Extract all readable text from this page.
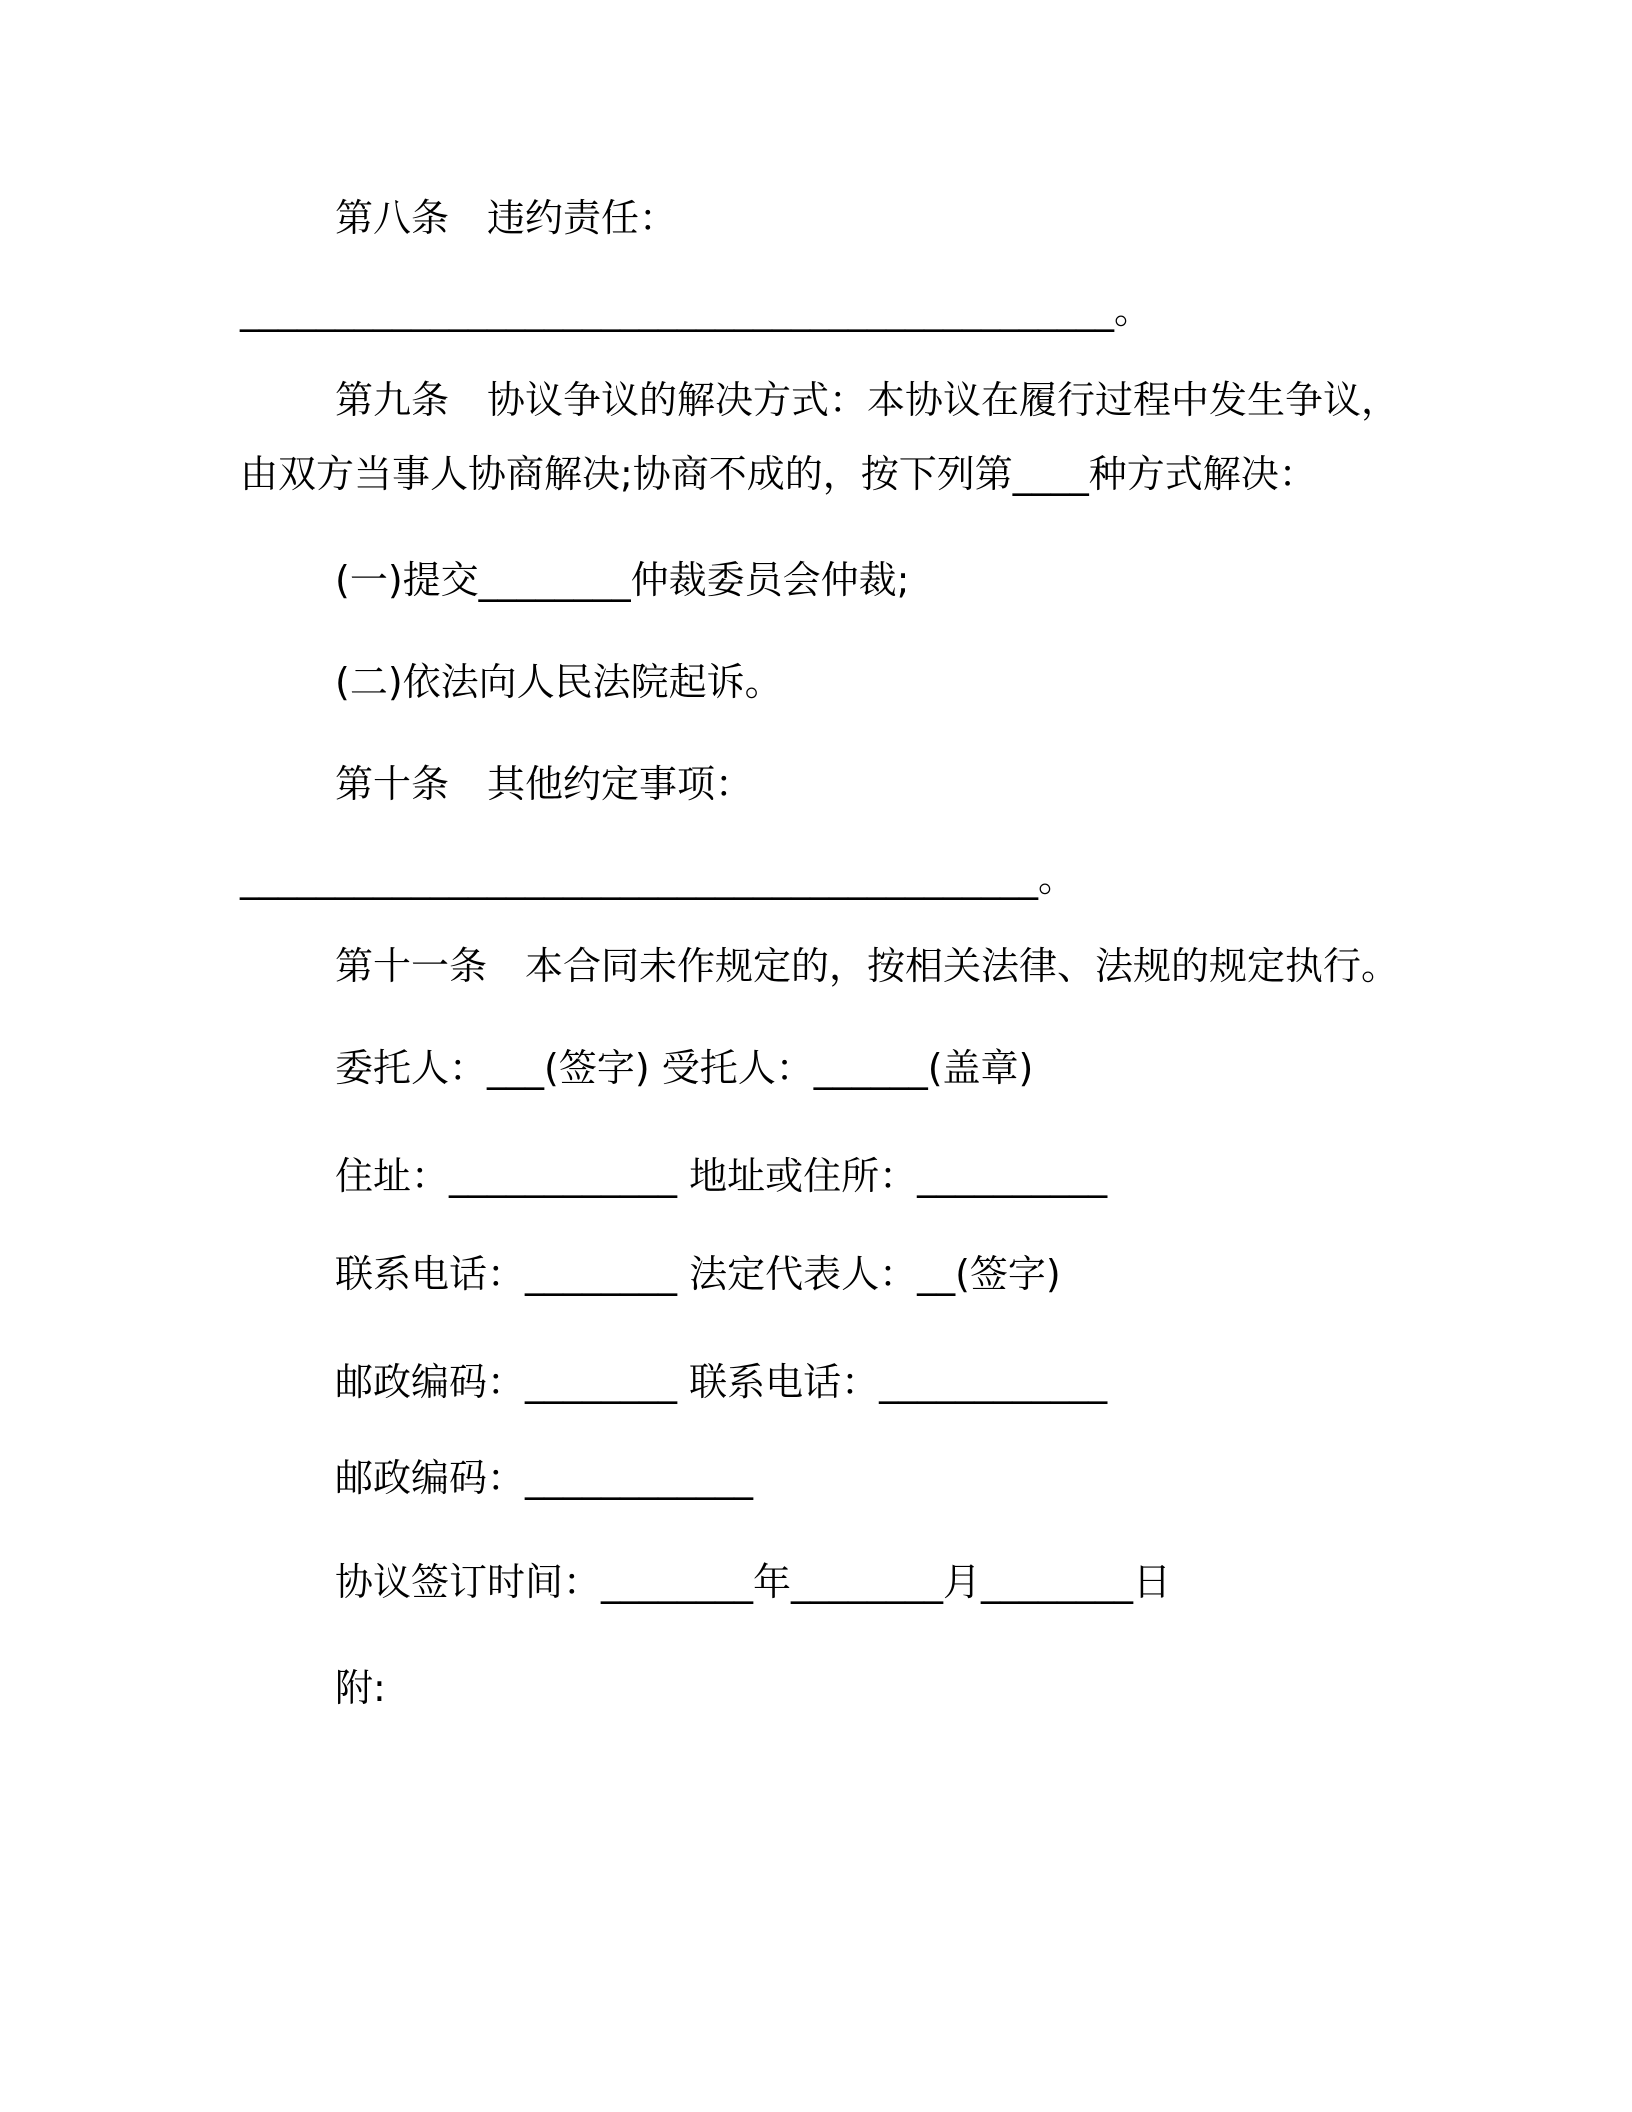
第八条　违约责任：
______________________________________________。
第九条　协议争议的解决方式：本协议在履行过程中发生争议，
由双方当事人协商解决;协商不成的，按下列第____种方式解决：
(一)提交________仲裁委员会仲裁;
(二)依法向人民法院起诉。
第十条　其他约定事项：
__________________________________________。
第十一条　本合同未作规定的，按相关法律、法规的规定执行。
委托人：___(签字) 受托人：______(盖章)
住址：____________ 地址或住所：__________
联系电话：________ 法定代表人：__(签字)
邮政编码：________ 联系电话：____________
邮政编码：____________
协议签订时间：________年________月________日
附:
